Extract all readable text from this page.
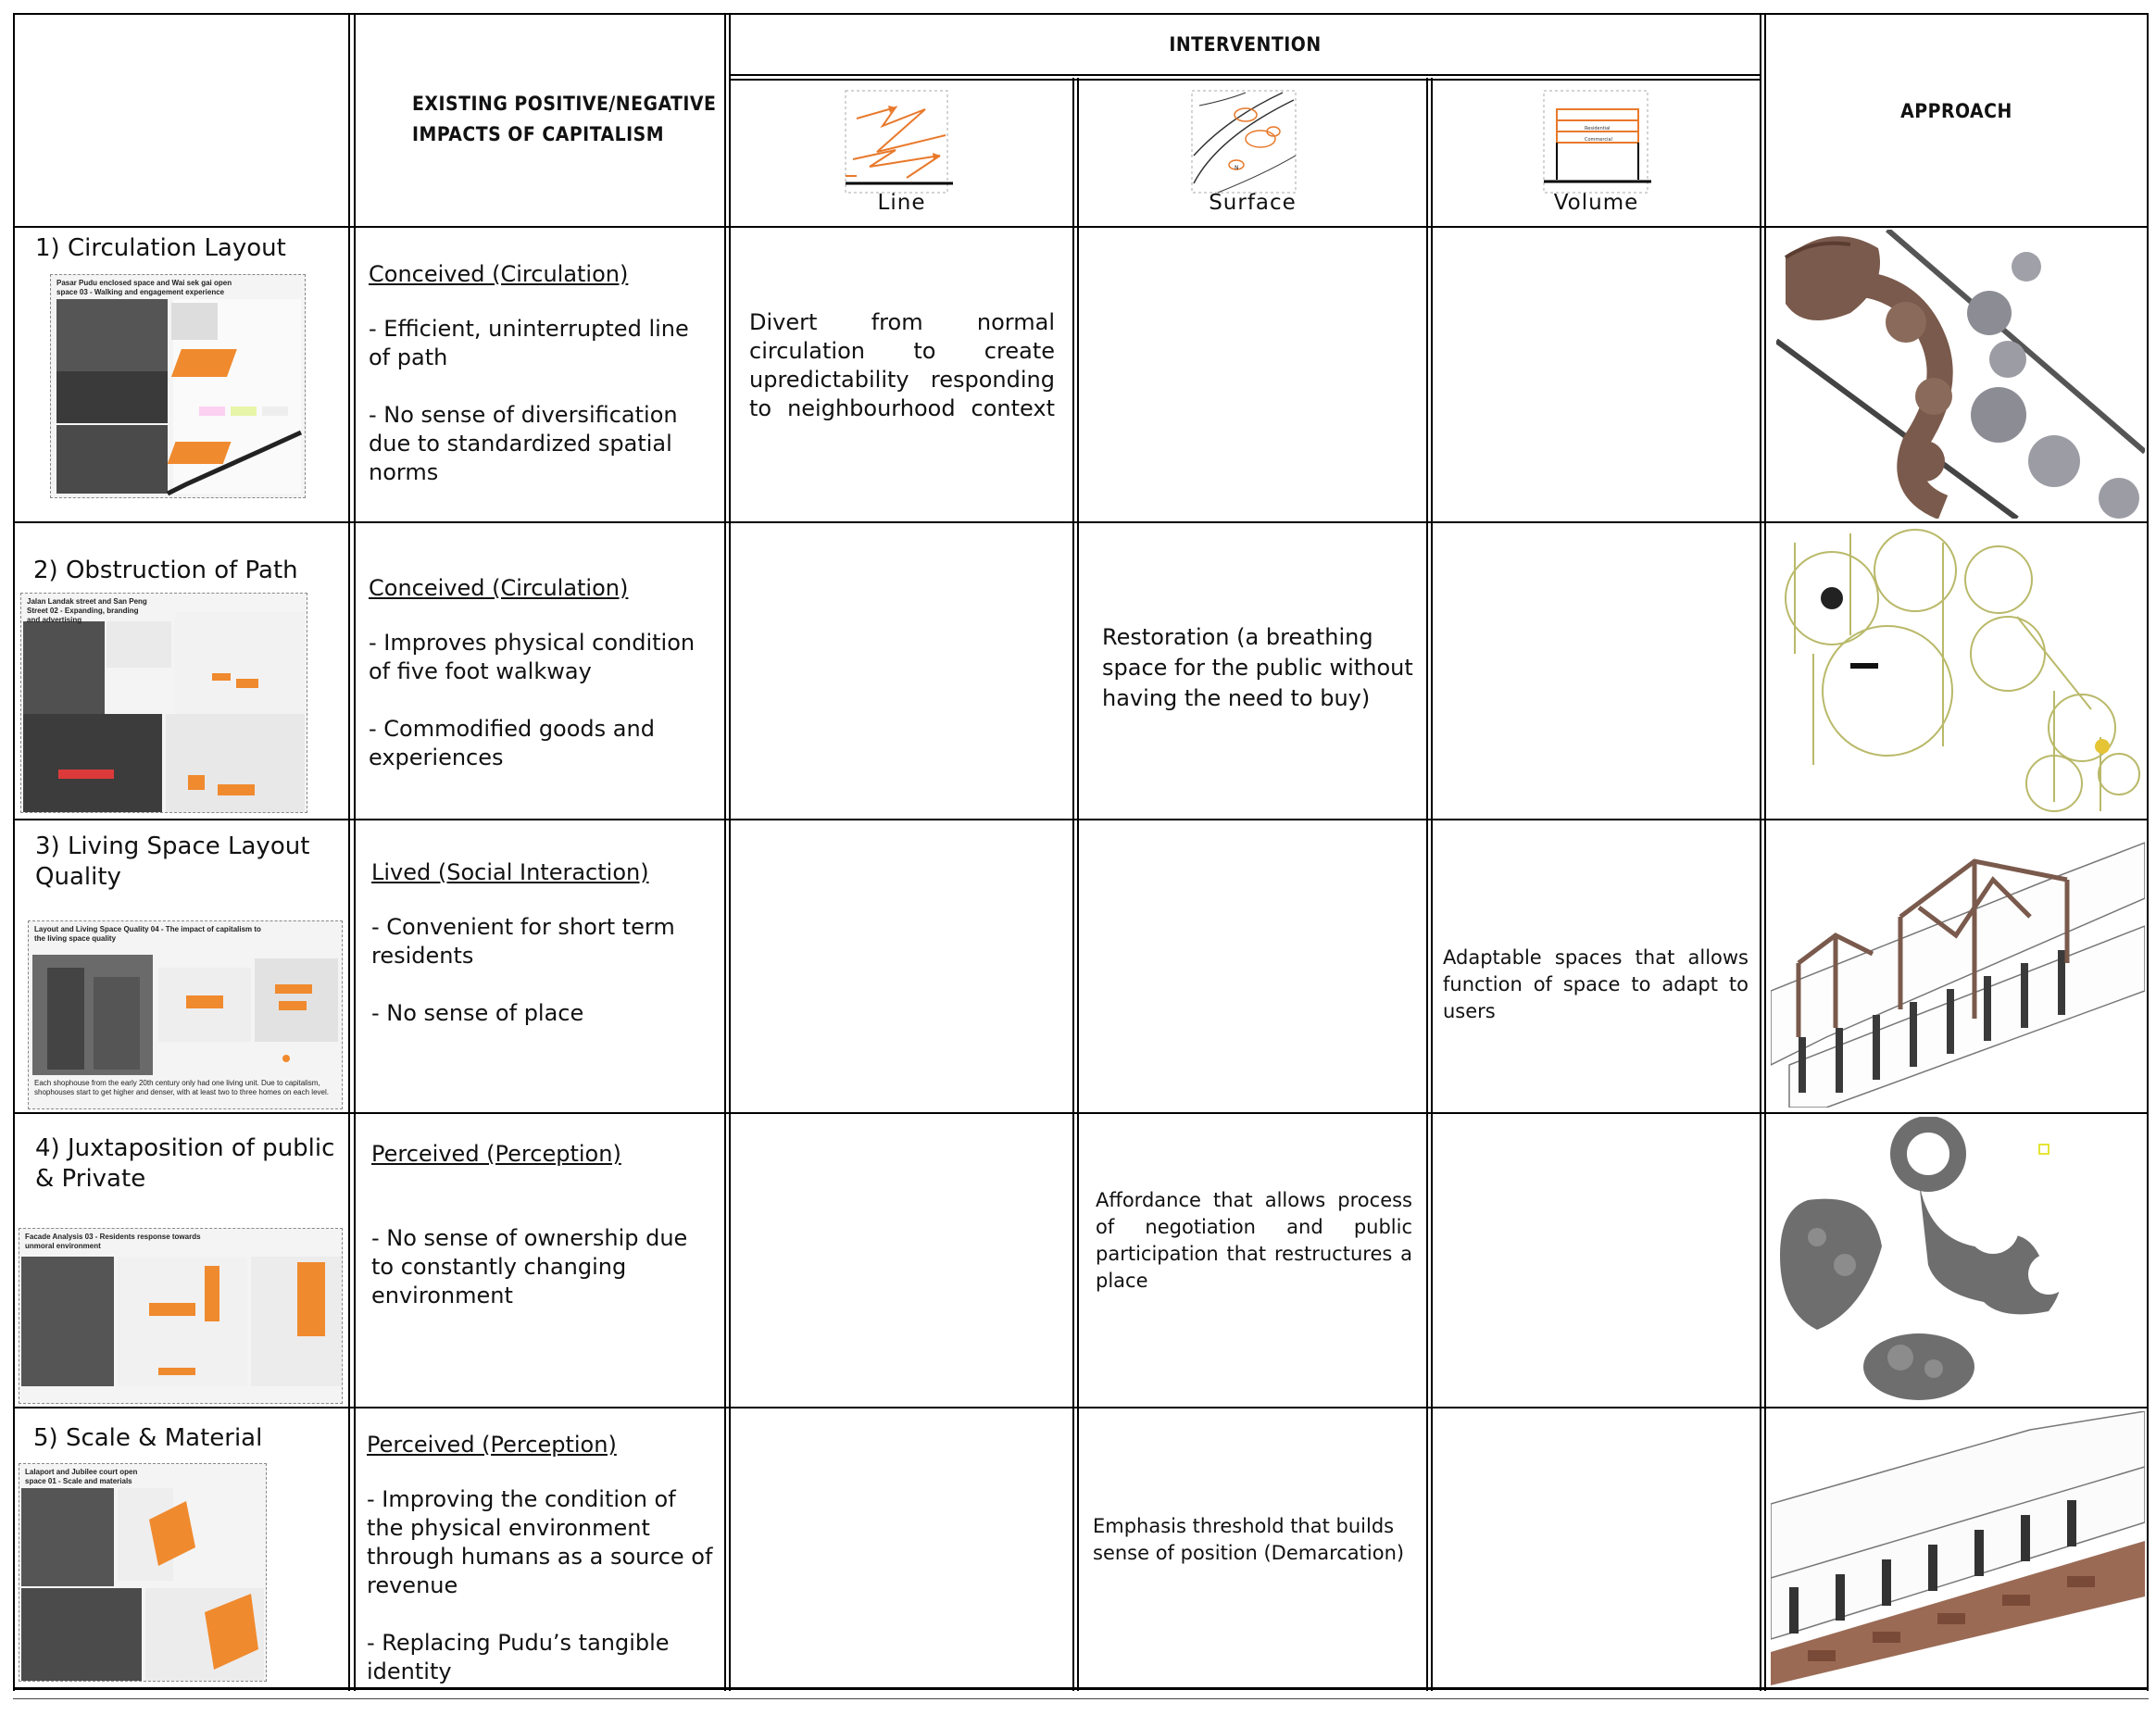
EXISTING POSITIVE/NEGATIVE
IMPACTS OF CAPITALISM
INTERVENTION
APPROACH
Line
N
Surface
Residential
Commercial
Volume
1) Circulation Layout
Pasar Pudu enclosed space and Wai sek gai open space 03 - Walking and engagement experience
Conceived (Circulation)
- Efficient, uninterrupted line of path
- No sense of diversification due to standardized spatial norms
Divert from normal circulation to create upredictability responding to neighbourhood context
2) Obstruction of Path
Jalan Landak street and San Peng Street 02 - Expanding, branding and advertising
Conceived (Circulation)
- Improves physical condition of five foot walkway
- Commodified goods and experiences
Restoration (a breathing space for the public without having the need to buy)
3) Living Space Layout Quality
Layout and Living Space Quality 04 - The impact of capitalism to the living space quality
Each shophouse from the early 20th century only had one living unit. Due to capitalism, shophouses start to get higher and denser, with at least two to three homes on each level.
Lived (Social Interaction)
- Convenient for short term residents
- No sense of place
Adaptable spaces that allows function of space to adapt to users
4) Juxtaposition of public & Private
Facade Analysis 03 - Residents response towards unmoral environment
Perceived (Perception)
- No sense of ownership due to constantly changing environment
Affordance that allows process of negotiation and public participation that restructures a place
5) Scale & Material
Lalaport and Jubilee court open space 01 - Scale and materials
Perceived (Perception)
- Improving the condition of the physical environment through humans as a source of revenue
- Replacing Pudu’s tangible identity
Emphasis threshold that builds sense of position (Demarcation)
